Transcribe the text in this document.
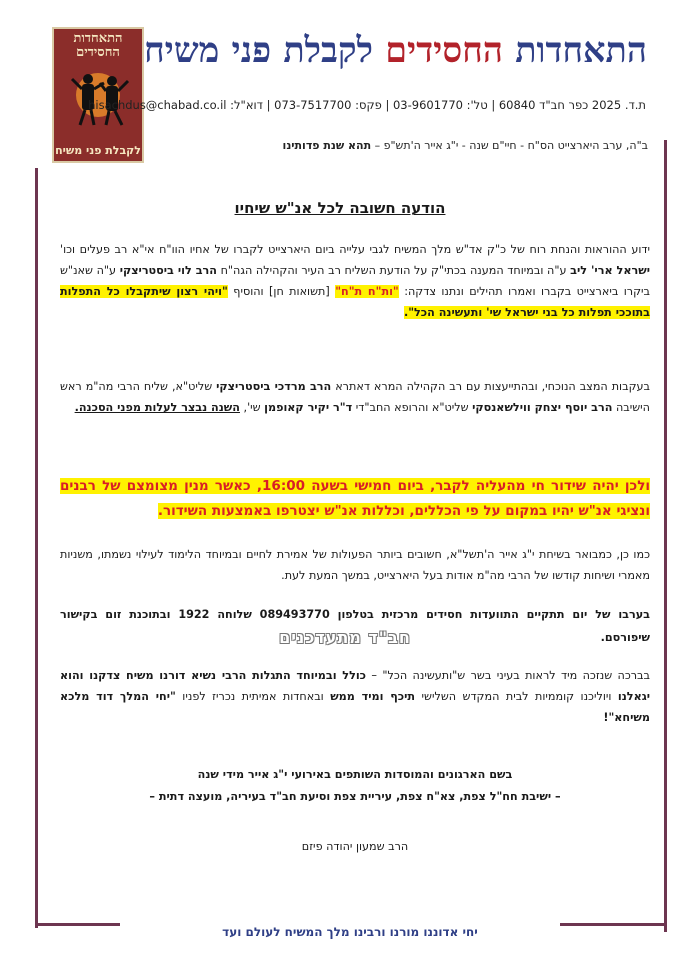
התאחדות החסידים
לקבלת פני משיח
התאחדות החסידים לקבלת פני משיח
ת.ד. 2025 כפר חב"ד 60840 | טל': 03-9601770 | פקס: 073-7517700 | דוא"ל: hisachdus@chabad.co.il
ב"ה, ערב היארצייט הס"ח - חיי"ם שנה - י"ג אייר ה'תש"פ – תהא שנת פדותינו
הודעה חשובה לכל אנ"ש שיחיו
ידוע ההוראות והנחת רוח של כ"ק אד"ש מלך המשיח לגבי עלייה ביום היארצייט לקברו של אחיו הוו"ח אי"א רב פעלים וכו' ישראל ארי' ליב ע"ה ובמיוחד המענה בכתי"ק על הודעת השליח רב העיר והקהילה הגה"ח הרב לוי ביסטריצקי ע"ה שאנ"ש ביקרו ביארצייט בקברו ואמרו תהילים ונתנו צדקה: "ות"ח ת"ח" [תשואות חן] והוסיף "ויהי רצון שיתקבלו כל התפלות בתוככי תפלות כל בני ישראל שי' ותעשינה הכל".
בעקבות המצב הנוכחי, ובהתייעצות עם רב הקהילה המרא דאתרא הרב מרדכי ביסטריצקי שליט"א, שליח הרבי מה"מ ראש הישיבה הרב יוסף יצחק ווילשאנסקי שליט"א והרופא החב"די ד"ר יקיר קאופמן שי', השנה נבצר לעלות מפני הסכנה.
ולכן יהיה שידור חי מהעליה לקבר, ביום חמישי בשעה 16:00, כאשר מנין מצומצם של רבנים ונציגי אנ"ש יהיו במקום על פי הכללים, וכללות אנ"ש יצטרפו באמצעות השידור.
כמו כן, כמבואר בשיחת י"ג אייר ה'תשל"א, חשובים ביותר הפעולות של אמירת לחיים ובמיוחד הלימוד לעילוי נשמתו, משניות מאמרי ושיחות קודשו של הרבי מה"מ אודות בעל היארצייט, במשך המעת לעת.
בערבו של יום תתקיים התוועדות חסידים מרכזית בטלפון 089493770 שלוחה 1922 ובתוכנת זום בקישור שיפורסם.
חב"ד מתעדכנים
בברכה שנזכה מיד לראות בעיני בשר ש"ותעשינה הכל" – כולל ובמיוחד התגלות הרבי נשיא דורנו משיח צדקנו והוא יגאלנו ויוליכנו קוממיות לבית המקדש השלישי תיכף ומיד ממש ובאחדות אמיתית נכריז לפניו "יחי המלך דוד מלכא משיחא"!
בשם הארגונים והמוסדות השותפים באירועי י"ג אייר מידי שנה
– ישיבת חח"ל צפת, צא"ח צפת, עיריית צפת וסיעת חב"ד בעיריה, מועצה דתית –
הרב שמעון יהודה פיזם
יחי אדוננו מורנו ורבינו מלך המשיח לעולם ועד
